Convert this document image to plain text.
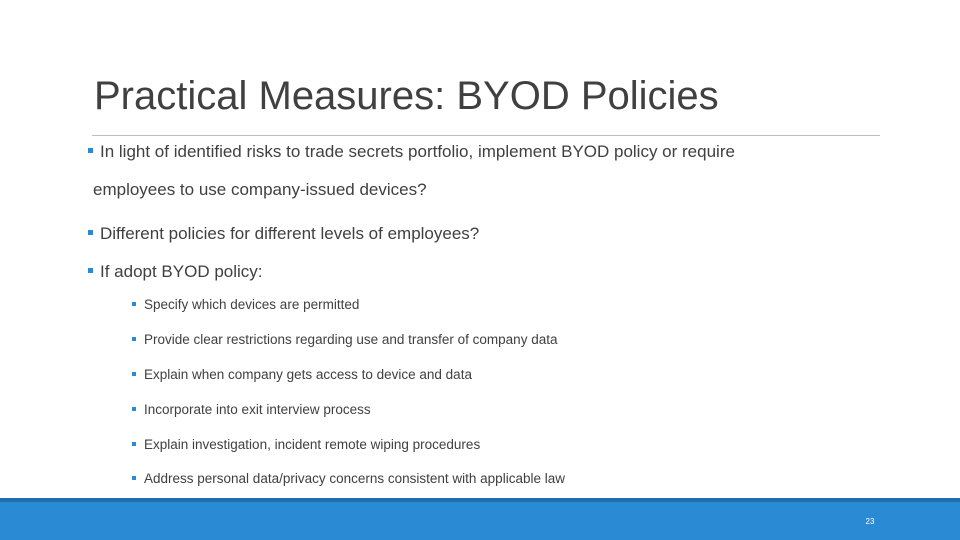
Practical Measures: BYOD Policies
In light of identified risks to trade secrets portfolio, implement BYOD policy or require
employees to use company-issued devices?
Different policies for different levels of employees?
If adopt BYOD policy:
Specify which devices are permitted
Provide clear restrictions regarding use and transfer of company data
Explain when company gets access to device and data
Incorporate into exit interview process
Explain investigation, incident remote wiping procedures
Address personal data/privacy concerns consistent with applicable law
23
